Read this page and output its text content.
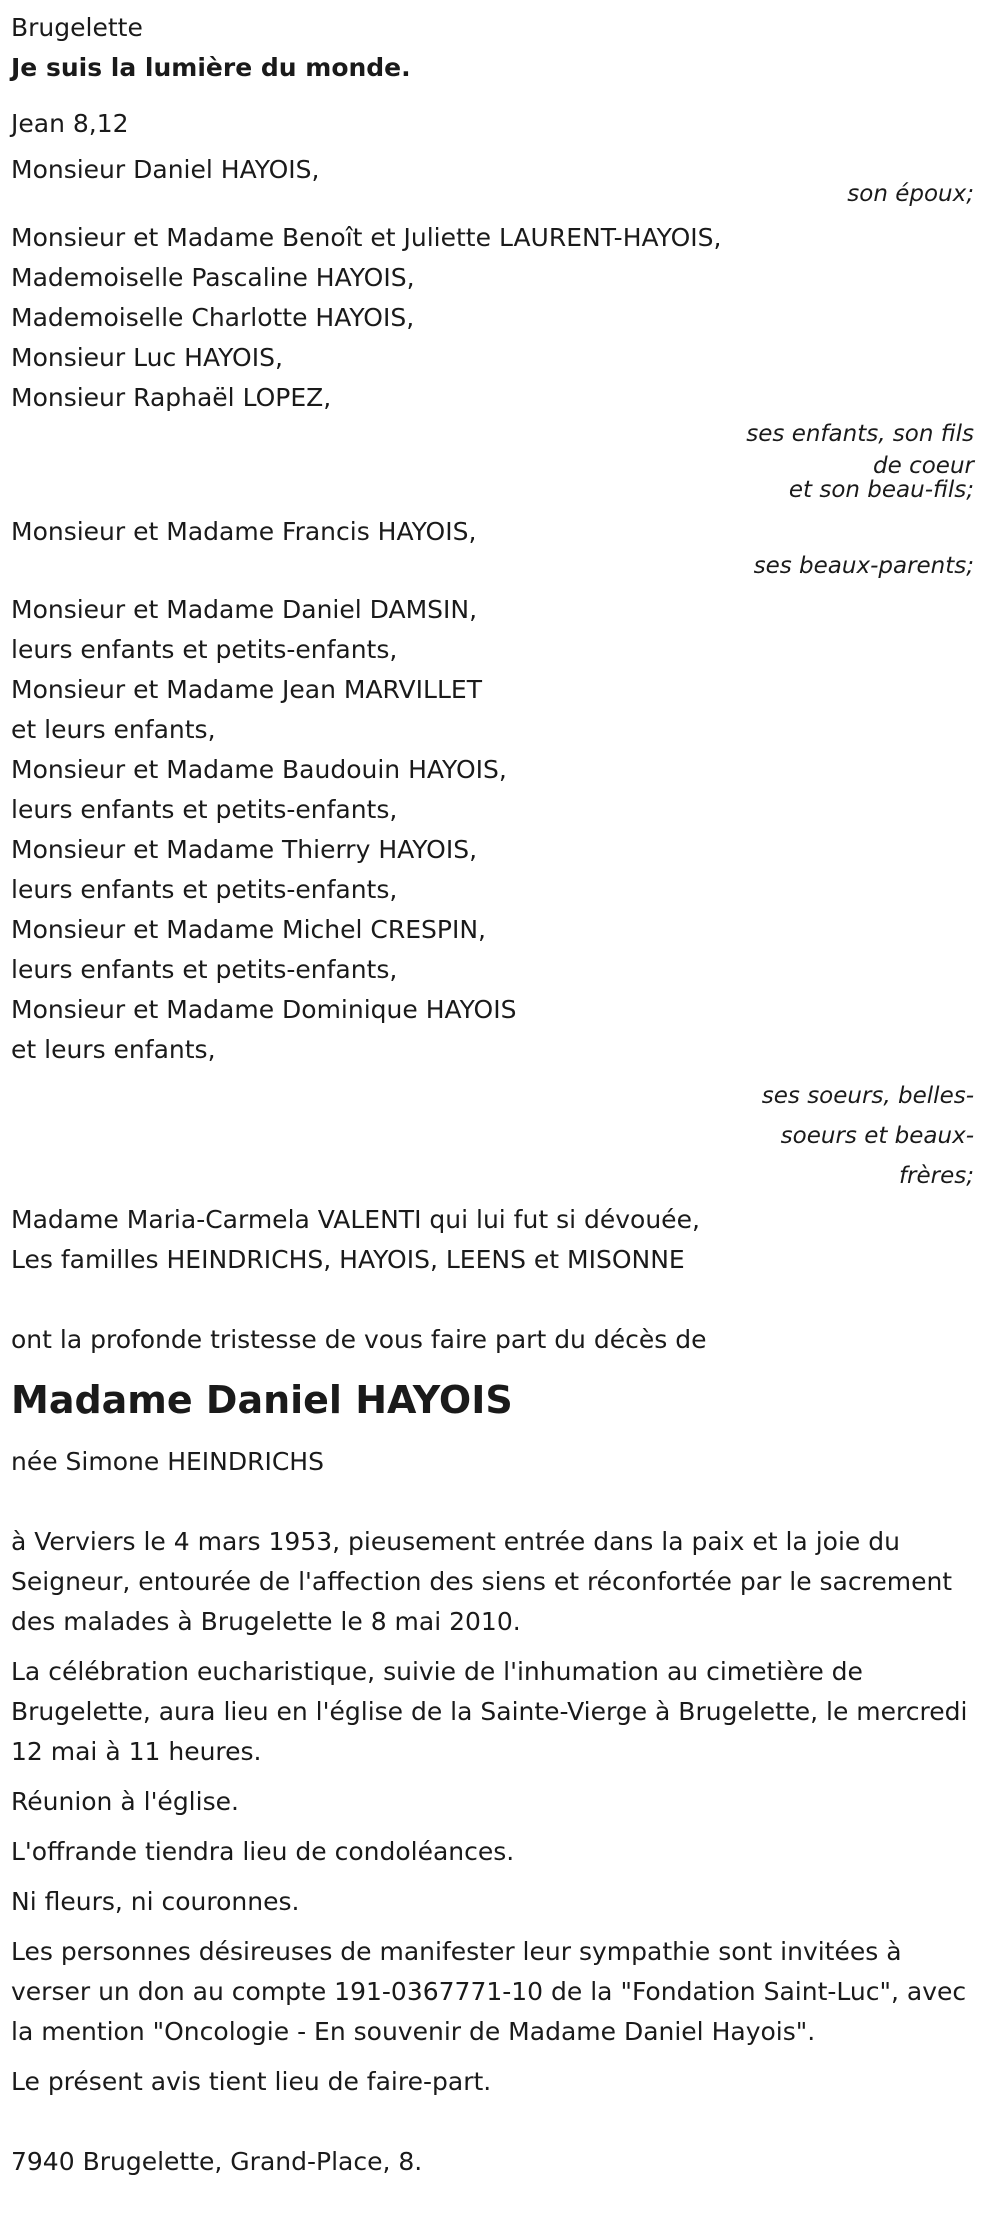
Brugelette
Je suis la lumière du monde.
Jean 8,12
Monsieur Daniel HAYOIS,
son époux;
Monsieur et Madame Benoît et Juliette LAURENT-HAYOIS,
Mademoiselle Pascaline HAYOIS,
Mademoiselle Charlotte HAYOIS,
Monsieur Luc HAYOIS,
Monsieur Raphaël LOPEZ,
ses enfants, son fils
de coeur
et son beau-fils;
Monsieur et Madame Francis HAYOIS,
ses beaux-parents;
Monsieur et Madame Daniel DAMSIN,
leurs enfants et petits-enfants,
Monsieur et Madame Jean MARVILLET
et leurs enfants,
Monsieur et Madame Baudouin HAYOIS,
leurs enfants et petits-enfants,
Monsieur et Madame Thierry HAYOIS,
leurs enfants et petits-enfants,
Monsieur et Madame Michel CRESPIN,
leurs enfants et petits-enfants,
Monsieur et Madame Dominique HAYOIS
et leurs enfants,
ses soeurs, belles-
soeurs et beaux-
frères;
Madame Maria-Carmela VALENTI qui lui fut si dévouée,
Les familles HEINDRICHS, HAYOIS, LEENS et MISONNE
ont la profonde tristesse de vous faire part du décès de
Madame Daniel HAYOIS
née Simone HEINDRICHS
à Verviers le 4 mars 1953, pieusement entrée dans la paix et la joie du Seigneur, entourée de l'affection des siens et réconfortée par le sacrement des malades à Brugelette le 8 mai 2010.
La célébration eucharistique, suivie de l'inhumation au cimetière de Brugelette, aura lieu en l'église de la Sainte-Vierge à Brugelette, le mercredi 12 mai à 11 heures.
Réunion à l'église.
L'offrande tiendra lieu de condoléances.
Ni fleurs, ni couronnes.
Les personnes désireuses de manifester leur sympathie sont invitées à verser un don au compte 191-0367771-10 de la "Fondation Saint-Luc", avec la mention "Oncologie - En souvenir de Madame Daniel Hayois".
Le présent avis tient lieu de faire-part.
7940 Brugelette, Grand-Place, 8.
